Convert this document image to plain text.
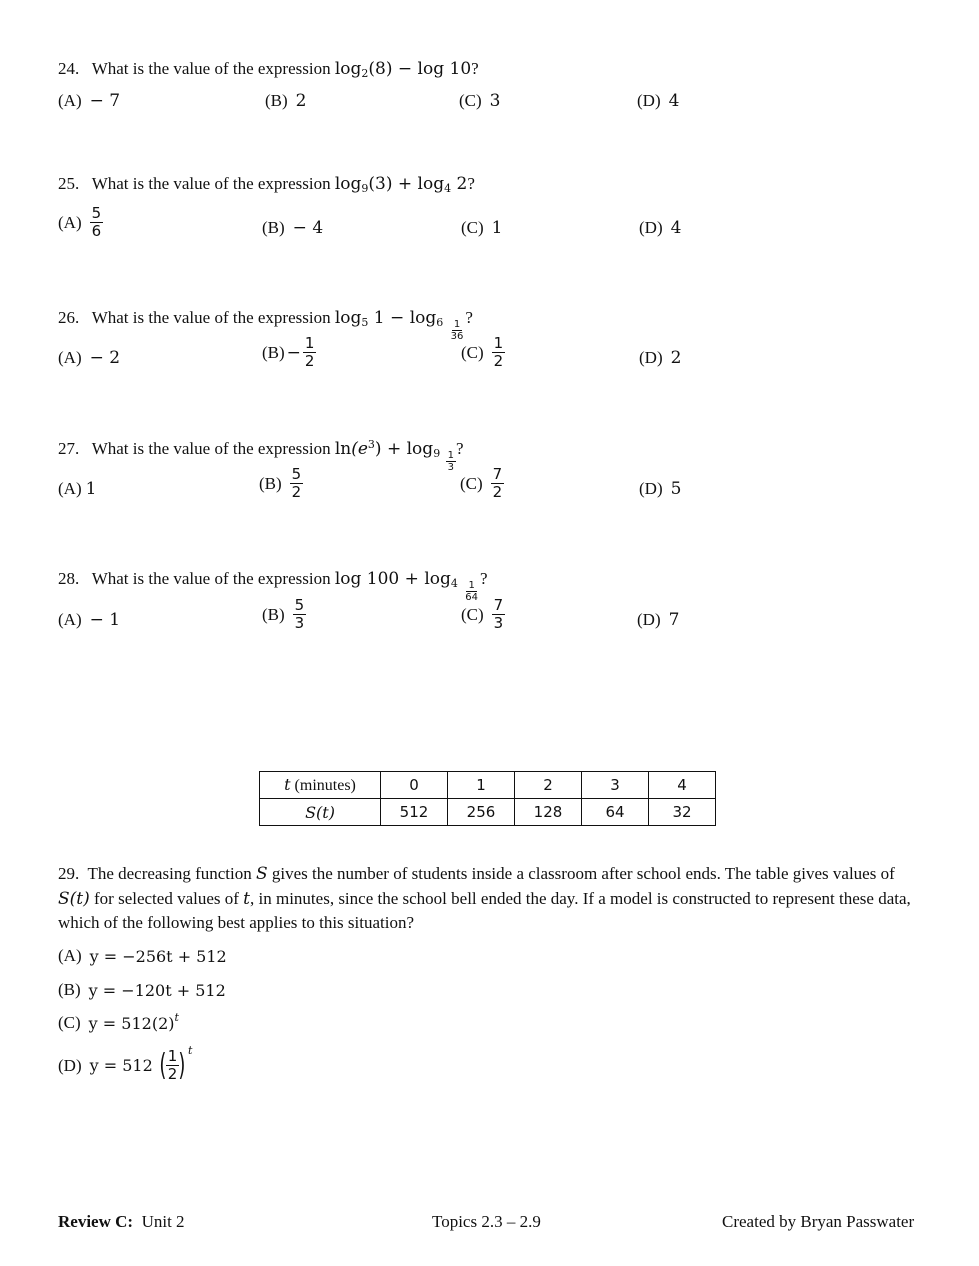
24. What is the value of the expression $\log_2(8) - \log 10$?
(A) − 7	(B) 2	(C) 3	(D) 4
25. What is the value of the expression $\log_9(3) + \log_4 2$?
$(A) \frac{5}{6}$	(B) − 4	(C) 1	(D) 4
26. What is the value of the expression $\log_5 1 - \log_6 \frac{1}{36}$
?
(A) − 2	$(B) - \frac{1}{2}$	$(C) \frac{1}{2}$	(D) 2
27. What is the value of the expression $\ln(e^3) + \log_9 \frac{1}{3}$
?
(A) 1	$(B) \frac{5}{2}$	$(C) \frac{7}{2}$	(D) 5
28. What is the value of the expression $\log 100 + \log_4 \frac{1}{64}$
?
(A) − 1	$(B) \frac{5}{3}$	$(C) \frac{7}{3}$	(D) 7
t (minutes)	0	1	2	3	4
S(t)	512	256	128	64	32
29. The decreasing function S gives the number of students inside a classroom after school ends. The table gives values of S(t) for selected values of t, in minutes, since the school bell ended the day. If a model is constructed to represent these data, which of the following best applies to this situation?
(A) y = −256t + 512
(B) y = −120t + 512
(C) $y = 512(2)^t$
(D) y = 512
( $\frac{1}{2} )^t$
Review C:  Unit 2	Topics 2.3 – 2.9	Created by Bryan Passwater
